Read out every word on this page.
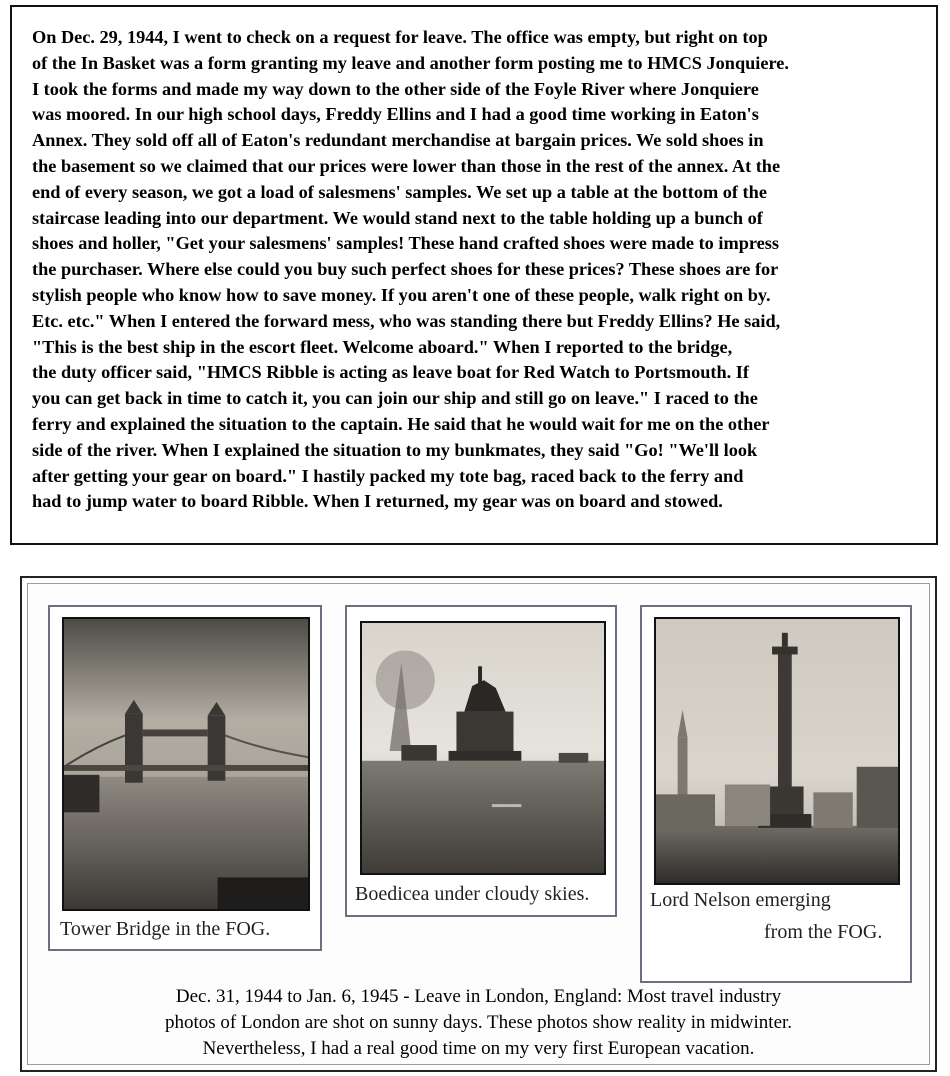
On Dec. 29, 1944, I went to check on a request for leave. The office was empty, but right on top
of the In Basket was a form granting my leave and another form posting me to HMCS Jonquiere.
I took the forms and made my way down to the other side of the Foyle River where Jonquiere
was moored. In our high school days, Freddy Ellins and I had a good time working in Eaton's
Annex. They sold off all of Eaton's redundant merchandise at bargain prices. We sold shoes in
the basement so we claimed that our prices were lower than those in the rest of the annex. At the
end of every season, we got a load of salesmens' samples. We set up a table at the bottom of the
staircase leading into our department. We would stand next to the table holding up a bunch of
shoes and holler, "Get your salesmens' samples! These hand crafted shoes were made to impress
the purchaser. Where else could you buy such perfect shoes for these prices? These shoes are for
stylish people who know how to save money. If you aren't one of these people, walk right on by.
Etc. etc." When I entered the forward mess, who was standing there but Freddy Ellins? He said,
"This is the best ship in the escort fleet. Welcome aboard." When I reported to the bridge,
the duty officer said, "HMCS Ribble is acting as leave boat for Red Watch to Portsmouth. If
you can get back in time to catch it, you can join our ship and still go on leave." I raced to the
ferry and explained the situation to the captain. He said that he would wait for me on the other
side of the river. When I explained the situation to my bunkmates, they said "Go! "We'll look
after getting your gear on board." I hastily packed my tote bag, raced back to the ferry and
had to jump water to board Ribble. When I returned, my gear was on board and stowed.
Tower Bridge in the FOG.
Boedicea under cloudy skies.	Lord Nelson emerging
from the FOG.
Dec. 31, 1944 to Jan. 6, 1945 - Leave in London, England: Most travel industry
photos of London are shot on sunny days. These photos show reality in midwinter.
Nevertheless, I had a real good time on my very first European vacation.
